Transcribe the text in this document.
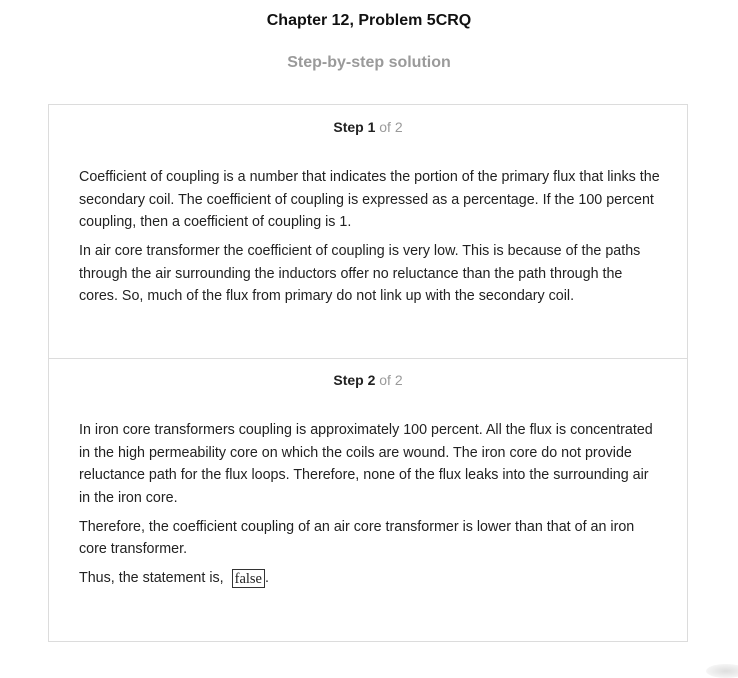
Chapter 12, Problem 5CRQ
Step-by-step solution
Step 1 of 2

Coefficient of coupling is a number that indicates the portion of the primary flux that links the secondary coil. The coefficient of coupling is expressed as a percentage. If the 100 percent coupling, then a coefficient of coupling is 1.

In air core transformer the coefficient of coupling is very low. This is because of the paths through the air surrounding the inductors offer no reluctance than the path through the cores. So, much of the flux from primary do not link up with the secondary coil.

Step 2 of 2

In iron core transformers coupling is approximately 100 percent. All the flux is concentrated in the high permeability core on which the coils are wound. The iron core do not provide reluctance path for the flux loops. Therefore, none of the flux leaks into the surrounding air in the iron core.

Therefore, the coefficient coupling of an air core transformer is lower than that of an iron core transformer.

Thus, the statement is, false .
